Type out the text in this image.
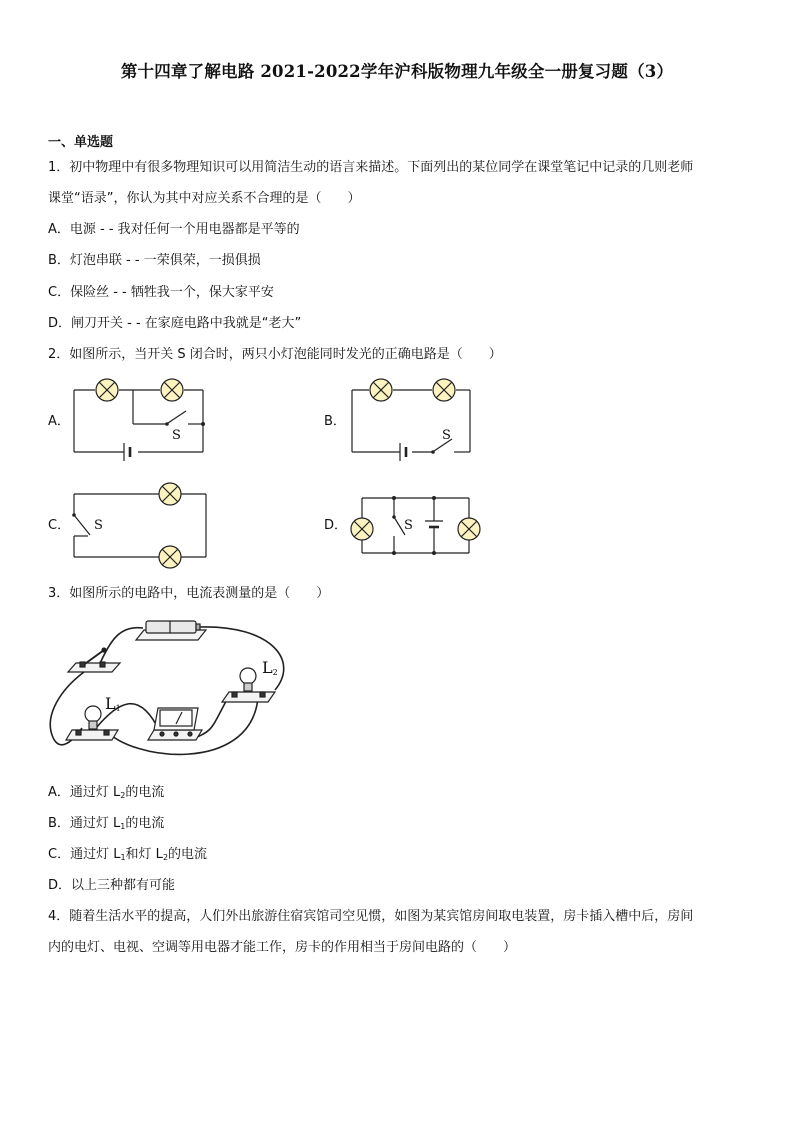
第十四章了解电路 2021-2022学年沪科版物理九年级全一册复习题（3）
一、单选题
1．初中物理中有很多物理知识可以用简洁生动的语言来描述。下面列出的某位同学在课堂笔记中记录的几则老师
课堂“语录”，你认为其中对应关系不合理的是（　　）
A．电源 - - 我对任何一个用电器都是平等的
B．灯泡串联 - - 一荣俱荣，一损俱损
C．保险丝 - - 牺牲我一个，保大家平安
D．闸刀开关 - - 在家庭电路中我就是“老大”
2．如图所示，当开关 S 闭合时，两只小灯泡能同时发光的正确电路是（　　）
A．	B．
C．	D．
S	S
S	S
3．如图所示的电路中，电流表测量的是（　　）
$L_1$
$L_2$
A．通过灯 $L_2$的电流
B．通过灯 $L_1$的电流
C．通过灯 $L_1$和灯 $L_2$的电流
D．以上三种都有可能
4．随着生活水平的提高，人们外出旅游住宿宾馆司空见惯，如图为某宾馆房间取电装置，房卡插入槽中后，房间
内的电灯、电视、空调等用电器才能工作，房卡的作用相当于房间电路的（　　）
